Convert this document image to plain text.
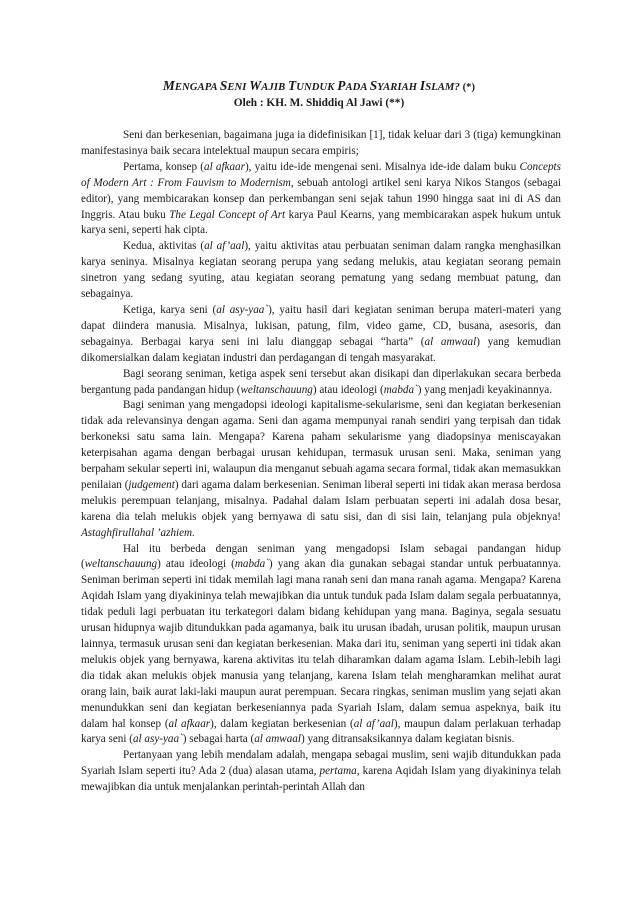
MENGAPA SENI WAJIB TUNDUK PADA SYARIAH ISLAM? (*)
Oleh : KH. M. Shiddiq Al Jawi (**)

Seni dan berkesenian, bagaimana juga ia didefinisikan [1], tidak keluar dari 3 (tiga) kemungkinan manifestasinya baik secara intelektual maupun secara empiris;

Pertama, konsep (al afkaar), yaitu ide-ide mengenai seni. Misalnya ide-ide dalam buku Concepts of Modern Art : From Fauvism to Modernism, sebuah antologi artikel seni karya Nikos Stangos (sebagai editor), yang membicarakan konsep dan perkembangan seni sejak tahun 1990 hingga saat ini di AS dan Inggris. Atau buku The Legal Concept of Art karya Paul Kearns, yang membicarakan aspek hukum untuk karya seni, seperti hak cipta.

Kedua, aktivitas (al af’aal), yaitu aktivitas atau perbuatan seniman dalam rangka menghasilkan karya seninya. Misalnya kegiatan seorang perupa yang sedang melukis, atau kegiatan seorang pemain sinetron yang sedang syuting, atau kegiatan seorang pematung yang sedang membuat patung, dan sebagainya.

Ketiga, karya seni (al asy-yaa`), yaitu hasil dari kegiatan seniman berupa materi-materi yang dapat diindera manusia. Misalnya, lukisan, patung, film, video game, CD, busana, asesoris, dan sebagainya. Berbagai karya seni ini lalu dianggap sebagai “harta” (al amwaal) yang kemudian dikomersialkan dalam kegiatan industri dan perdagangan di tengah masyarakat.

Bagi seorang seniman, ketiga aspek seni tersebut akan disikapi dan diperlakukan secara berbeda bergantung pada pandangan hidup (weltanschauung) atau ideologi (mabda`) yang menjadi keyakinannya.

Bagi seniman yang mengadopsi ideologi kapitalisme-sekularisme, seni dan kegiatan berkesenian tidak ada relevansinya dengan agama. Seni dan agama mempunyai ranah sendiri yang terpisah dan tidak berkoneksi satu sama lain. Mengapa? Karena paham sekularisme yang diadopsinya meniscayakan keterpisahan agama dengan berbagai urusan kehidupan, termasuk urusan seni. Maka, seniman yang berpaham sekular seperti ini, walaupun dia menganut sebuah agama secara formal, tidak akan memasukkan penilaian (judgement) dari agama dalam berkesenian. Seniman liberal seperti ini tidak akan merasa berdosa melukis perempuan telanjang, misalnya. Padahal dalam Islam perbuatan seperti ini adalah dosa besar, karena dia telah melukis objek yang bernyawa di satu sisi, dan di sisi lain, telanjang pula objeknya! Astaghfirullahal ’azhiem.

Hal itu berbeda dengan seniman yang mengadopsi Islam sebagai pandangan hidup (weltanschauung) atau ideologi (mabda`) yang akan dia gunakan sebagai standar untuk perbuatannya. Seniman beriman seperti ini tidak memilah lagi mana ranah seni dan mana ranah agama. Mengapa? Karena Aqidah Islam yang diyakininya telah mewajibkan dia untuk tunduk pada Islam dalam segala perbuatannya, tidak peduli lagi perbuatan itu terkategori dalam bidang kehidupan yang mana. Baginya, segala sesuatu urusan hidupnya wajib ditundukkan pada agamanya, baik itu urusan ibadah, urusan politik, maupun urusan lainnya, termasuk urusan seni dan kegiatan berkesenian. Maka dari itu, seniman yang seperti ini tidak akan melukis objek yang bernyawa, karena aktivitas itu telah diharamkan dalam agama Islam. Lebih-lebih lagi dia tidak akan melukis objek manusia yang telanjang, karena Islam telah mengharamkan melihat aurat orang lain, baik aurat laki-laki maupun aurat perempuan. Secara ringkas, seniman muslim yang sejati akan menundukkan seni dan kegiatan berkeseniannya pada Syariah Islam, dalam semua aspeknya, baik itu dalam hal konsep (al afkaar), dalam kegiatan berkesenian (al af’aal), maupun dalam perlakuan terhadap karya seni (al asy-yaa`) sebagai harta (al amwaal) yang ditransaksikannya dalam kegiatan bisnis.

Pertanyaan yang lebih mendalam adalah, mengapa sebagai muslim, seni wajib ditundukkan pada Syariah Islam seperti itu? Ada 2 (dua) alasan utama, pertama, karena Aqidah Islam yang diyakininya telah mewajibkan dia untuk menjalankan perintah-perintah Allah dan
